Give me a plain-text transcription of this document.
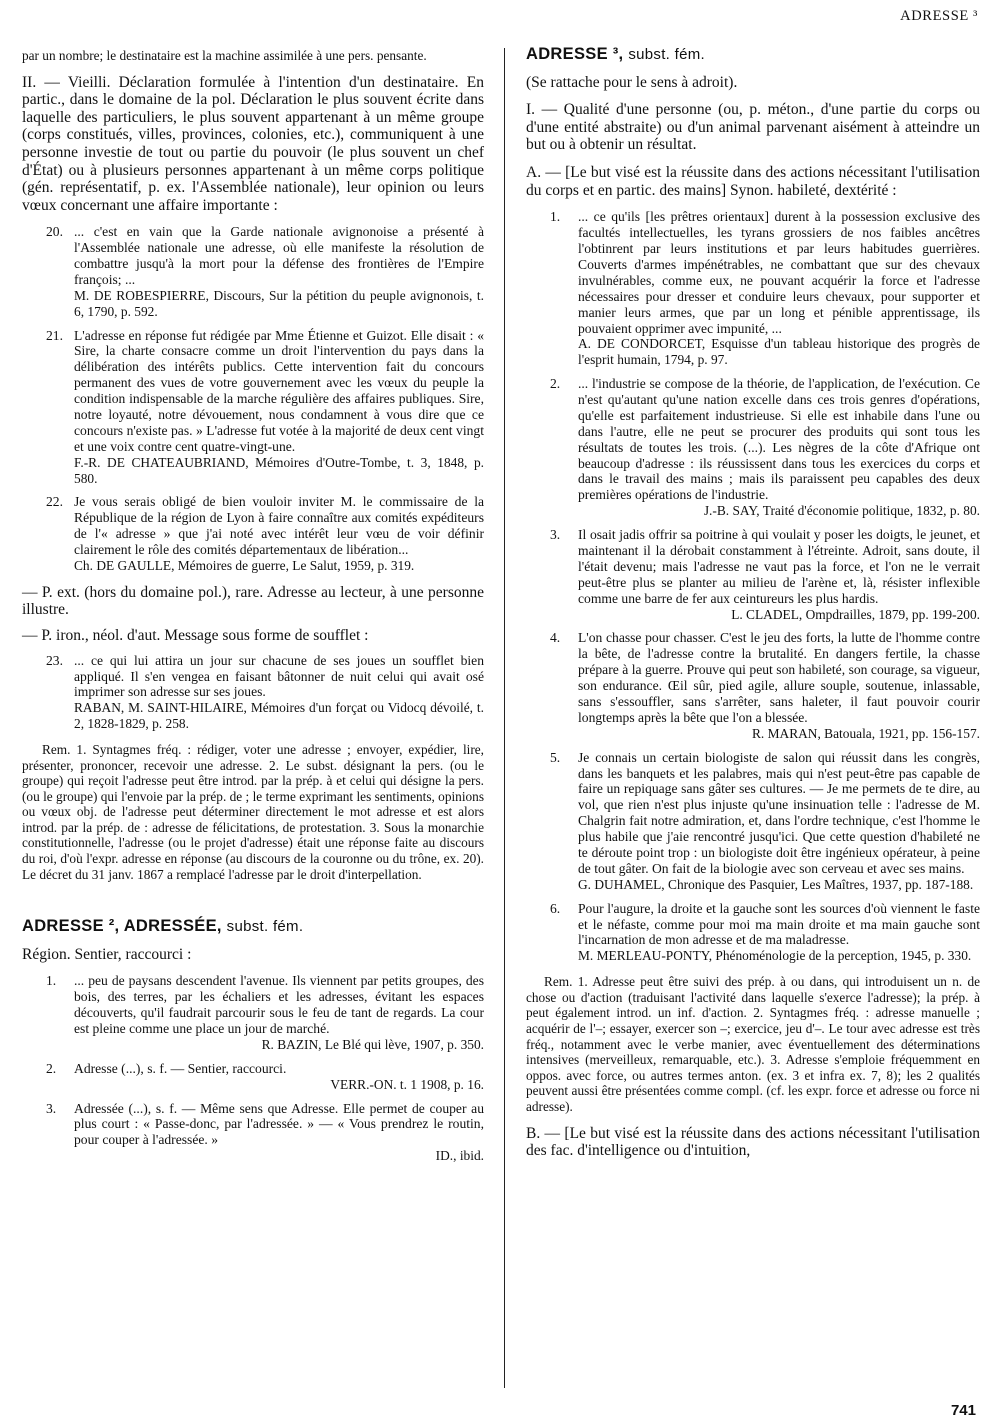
ADRESSE ³

par un nombre; le destinataire est la machine assimilée à une pers. pensante.

II. — Vieilli. Déclaration formulée à l'intention d'un destinataire. En partic., dans le domaine de la pol. Déclaration le plus souvent écrite dans laquelle des particuliers, le plus souvent appartenant à un même groupe (corps constitués, villes, provinces, colonies, etc.), communiquent à une personne investie de tout ou partie du pouvoir (le plus souvent un chef d'État) ou à plusieurs personnes appartenant à un même corps politique (gén. représentatif, p. ex. l'Assemblée nationale), leur opinion ou leurs vœux concernant une affaire importante :

20. ... c'est en vain que la Garde nationale avignonoise a présenté à l'Assemblée nationale une adresse, où elle manifeste la résolution de combattre jusqu'à la mort pour la défense des frontières de l'Empire françois; ...

M. DE ROBESPIERRE, Discours, Sur la pétition du peuple avignonois, t. 6, 1790, p. 592.

21. L'adresse en réponse fut rédigée par Mme Étienne et Guizot. Elle disait : « Sire, la charte consacre comme un droit l'intervention du pays dans la délibération des intérêts publics. Cette intervention fait du concours permanent des vues de votre gouvernement avec les vœux du peuple la condition indispensable de la marche régulière des affaires publiques. Sire, notre loyauté, notre dévouement, nous condamnent à vous dire que ce concours n'existe pas. » L'adresse fut votée à la majorité de deux cent vingt et une voix contre cent quatre-vingt-une.

F.-R. DE CHATEAUBRIAND, Mémoires d'Outre-Tombe, t. 3, 1848, p. 580.

22. Je vous serais obligé de bien vouloir inviter M. le commissaire de la République de la région de Lyon à faire connaître aux comités expéditeurs de l'« adresse » que j'ai noté avec intérêt leur vœu de voir définir clairement le rôle des comités départementaux de libération...

Ch. DE GAULLE, Mémoires de guerre, Le Salut, 1959, p. 319.

— P. ext. (hors du domaine pol.), rare. Adresse au lecteur, à une personne illustre.

— P. iron., néol. d'aut. Message sous forme de soufflet :

23. ... ce qui lui attira un jour sur chacune de ses joues un soufflet bien appliqué. Il s'en vengea en faisant bâtonner de nuit celui qui avait osé imprimer son adresse sur ses joues.

RABAN, M. SAINT-HILAIRE, Mémoires d'un forçat ou Vidocq dévoilé, t. 2, 1828-1829, p. 258.

Rem. 1. Syntagmes fréq. : rédiger, voter une adresse ; envoyer, expédier, lire, présenter, prononcer, recevoir une adresse. 2. Le subst. désignant la pers. (ou le groupe) qui reçoit l'adresse peut être introd. par la prép. à et celui qui désigne la pers. (ou le groupe) qui l'envoie par la prép. de ; le terme exprimant les sentiments, opinions ou vœux obj. de l'adresse peut déterminer directement le mot adresse et est alors introd. par la prép. de : adresse de félicitations, de protestation. 3. Sous la monarchie constitutionnelle, l'adresse (ou le projet d'adresse) était une réponse faite au discours du roi, d'où l'expr. adresse en réponse (au discours de la couronne ou du trône, ex. 20). Le décret du 31 janv. 1867 a remplacé l'adresse par le droit d'interpellation.

ADRESSE ², ADRESSÉE, subst. fém.

Région. Sentier, raccourci :

1. ... peu de paysans descendent l'avenue. Ils viennent par petits groupes, des bois, des terres, par les échaliers et les adresses, évitant les espaces découverts, qu'il faudrait parcourir sous le feu de tant de regards. La cour est pleine comme une place un jour de marché.

R. BAZIN, Le Blé qui lève, 1907, p. 350.

2. Adresse (...), s. f. — Sentier, raccourci.

VERR.-ON. t. 1 1908, p. 16.

3. Adressée (...), s. f. — Même sens que Adresse. Elle permet de couper au plus court : « Passe-donc, par l'adressée. » — « Vous prendrez le routin, pour couper à l'adressée. »

ID., ibid.

ADRESSE ³, subst. fém.

(Se rattache pour le sens à adroit).

I. — Qualité d'une personne (ou, p. méton., d'une partie du corps ou d'une entité abstraite) ou d'un animal parvenant aisément à atteindre un but ou à obtenir un résultat.

A. — [Le but visé est la réussite dans des actions nécessitant l'utilisation du corps et en partic. des mains] Synon. habileté, dextérité :

1. ... ce qu'ils [les prêtres orientaux] durent à la possession exclusive des facultés intellectuelles, les tyrans grossiers de nos faibles ancêtres l'obtinrent par leurs institutions et par leurs habitudes guerrières. Couverts d'armes impénétrables, ne combattant que sur des chevaux invulnérables, comme eux, ne pouvant acquérir la force et l'adresse nécessaires pour dresser et conduire leurs chevaux, pour supporter et manier leurs armes, que par un long et pénible apprentissage, ils pouvaient opprimer avec impunité, ...

A. DE CONDORCET, Esquisse d'un tableau historique des progrès de l'esprit humain, 1794, p. 97.

2. ... l'industrie se compose de la théorie, de l'application, de l'exécution. Ce n'est qu'autant qu'une nation excelle dans ces trois genres d'opérations, qu'elle est parfaitement industrieuse. Si elle est inhabile dans l'une ou dans l'autre, elle ne peut se procurer des produits qui sont tous les résultats de toutes les trois. (...). Les nègres de la côte d'Afrique ont beaucoup d'adresse : ils réussissent dans tous les exercices du corps et dans le travail des mains ; mais ils paraissent peu capables des deux premières opérations de l'industrie.

J.-B. SAY, Traité d'économie politique, 1832, p. 80.

3. Il osait jadis offrir sa poitrine à qui voulait y poser les doigts, le jeunet, et maintenant il la dérobait constamment à l'étreinte. Adroit, sans doute, il l'était devenu; mais l'adresse ne vaut pas la force, et l'on ne le verrait peut-être plus se planter au milieu de l'arène et, là, résister inflexible comme une barre de fer aux ceintureurs les plus hardis.

L. CLADEL, Ompdrailles, 1879, pp. 199-200.

4. L'on chasse pour chasser. C'est le jeu des forts, la lutte de l'homme contre la bête, de l'adresse contre la brutalité. En dangers fertile, la chasse prépare à la guerre. Prouve qui peut son habileté, son courage, sa vigueur, son endurance. Œil sûr, pied agile, allure souple, soutenue, inlassable, sans s'essouffler, sans s'arrêter, sans haleter, il faut pouvoir courir longtemps après la bête que l'on a blessée.

R. MARAN, Batouala, 1921, pp. 156-157.

5. Je connais un certain biologiste de salon qui réussit dans les congrès, dans les banquets et les palabres, mais qui n'est peut-être pas capable de faire un repiquage sans gâter ses cultures. — Je me permets de te dire, au vol, que rien n'est plus injuste qu'une insinuation telle : l'adresse de M. Chalgrin fait notre admiration, et, dans l'ordre technique, c'est l'homme le plus habile que j'aie rencontré jusqu'ici. Que cette question d'habileté ne te déroute point trop : un biologiste doit être ingénieux opérateur, à peine de tout gâter. On fait de la biologie avec son cerveau et avec ses mains.

G. DUHAMEL, Chronique des Pasquier, Les Maîtres, 1937, pp. 187-188.

6. Pour l'augure, la droite et la gauche sont les sources d'où viennent le faste et le néfaste, comme pour moi ma main droite et ma main gauche sont l'incarnation de mon adresse et de ma maladresse.

M. MERLEAU-PONTY, Phénoménologie de la perception, 1945, p. 330.

Rem. 1. Adresse peut être suivi des prép. à ou dans, qui introduisent un n. de chose ou d'action (traduisant l'activité dans laquelle s'exerce l'adresse); la prép. à peut également introd. un inf. d'action. 2. Syntagmes fréq. : adresse manuelle ; acquérir de l'–; essayer, exercer son –; exercice, jeu d'–. Le tour avec adresse est très fréq., notamment avec le verbe manier, avec éventuellement des déterminations intensives (merveilleux, remarquable, etc.). 3. Adresse s'emploie fréquemment en oppos. avec force, ou autres termes anton. (ex. 3 et infra ex. 7, 8); les 2 qualités peuvent aussi être présentées comme compl. (cf. les expr. force et adresse ou force ni adresse).

B. — [Le but visé est la réussite dans des actions nécessitant l'utilisation des fac. d'intelligence ou d'intuition,

741
